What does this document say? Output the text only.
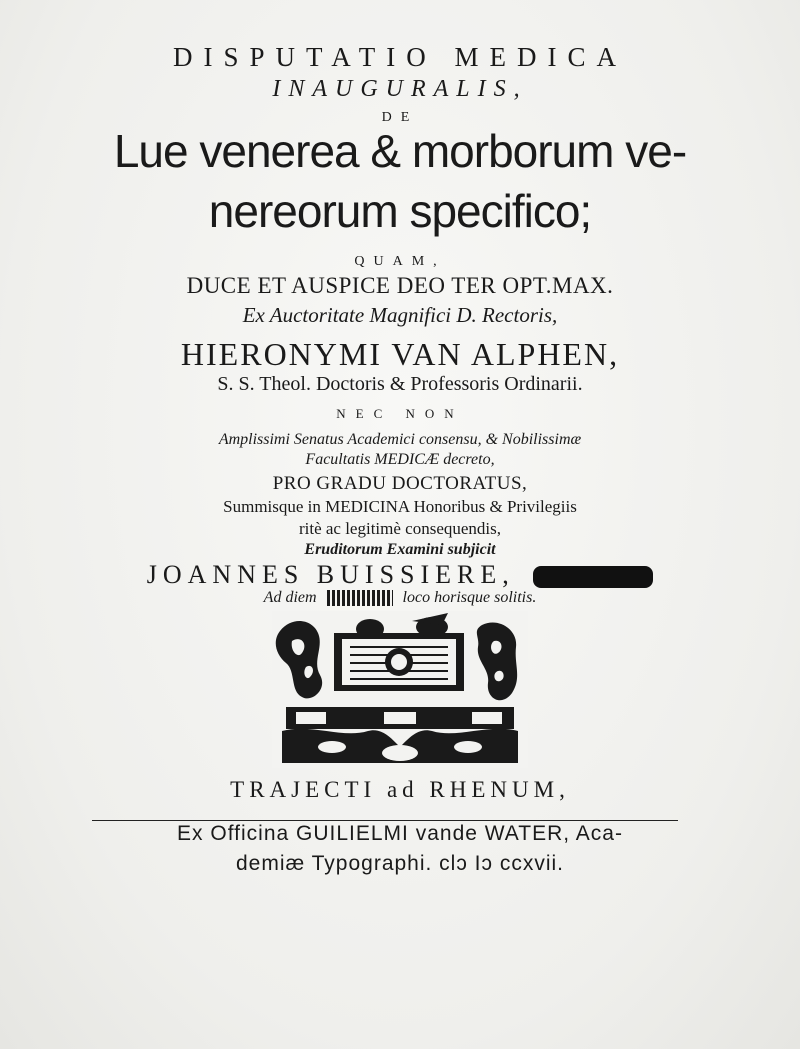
DISPUTATIO MEDICA
INAUGURALIS,
DE
Lue venerea & morborum ve-
nereorum specifico;
QUAM,
DUCE ET AUSPICE DEO TER OPT.MAX.
Ex Auctoritate Magnifici D. Rectoris,
HIERONYMI VAN ALPHEN,
S. S. Theol. Doctoris & Professoris Ordinarii.
NEC NON
Amplissimi Senatus Academici consensu, & Nobilissimæ
Facultatis MEDICÆ decreto,
PRO GRADU DOCTORATUS,
Summisque in MEDICINA Honoribus & Privilegiis
ritè ac legitimè consequendis,
Eruditorum Examini subjicit
JOANNES BUISSIERE,
Ad diem	loco horisque solitis.
TRAJECTI ad RHENUM,
Ex Officina GUILIELMI vande WATER, Aca-
demiæ Typographi. clↄ Iↄ ccxvii.
